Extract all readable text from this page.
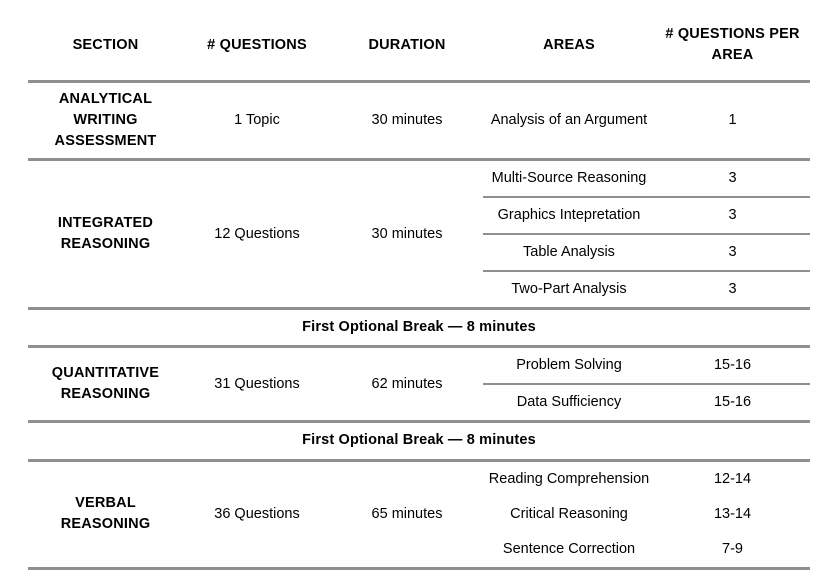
SECTION	# QUESTIONS	DURATION	AREAS	# QUESTIONS PER AREA
ANALYTICAL WRITING ASSESSMENT	1 Topic	30 minutes		Analysis of an Argument	1

INTEGRATED REASONING	12 Questions	30 minutes	
Multi-Source Reasoning	3
Graphics Intepretation	3
Table Analysis	3
Two-Part Analysis	3

First Optional Break — 8 minutes
QUANTITATIVE REASONING	31 Questions	62 minutes	
Problem Solving	15-16
Data Sufficiency	15-16

First Optional Break — 8 minutes
VERBAL REASONING	36 Questions	65 minutes	
Reading Comprehension	12-14
Critical Reasoning	13-14
Sentence Correction	7-9
